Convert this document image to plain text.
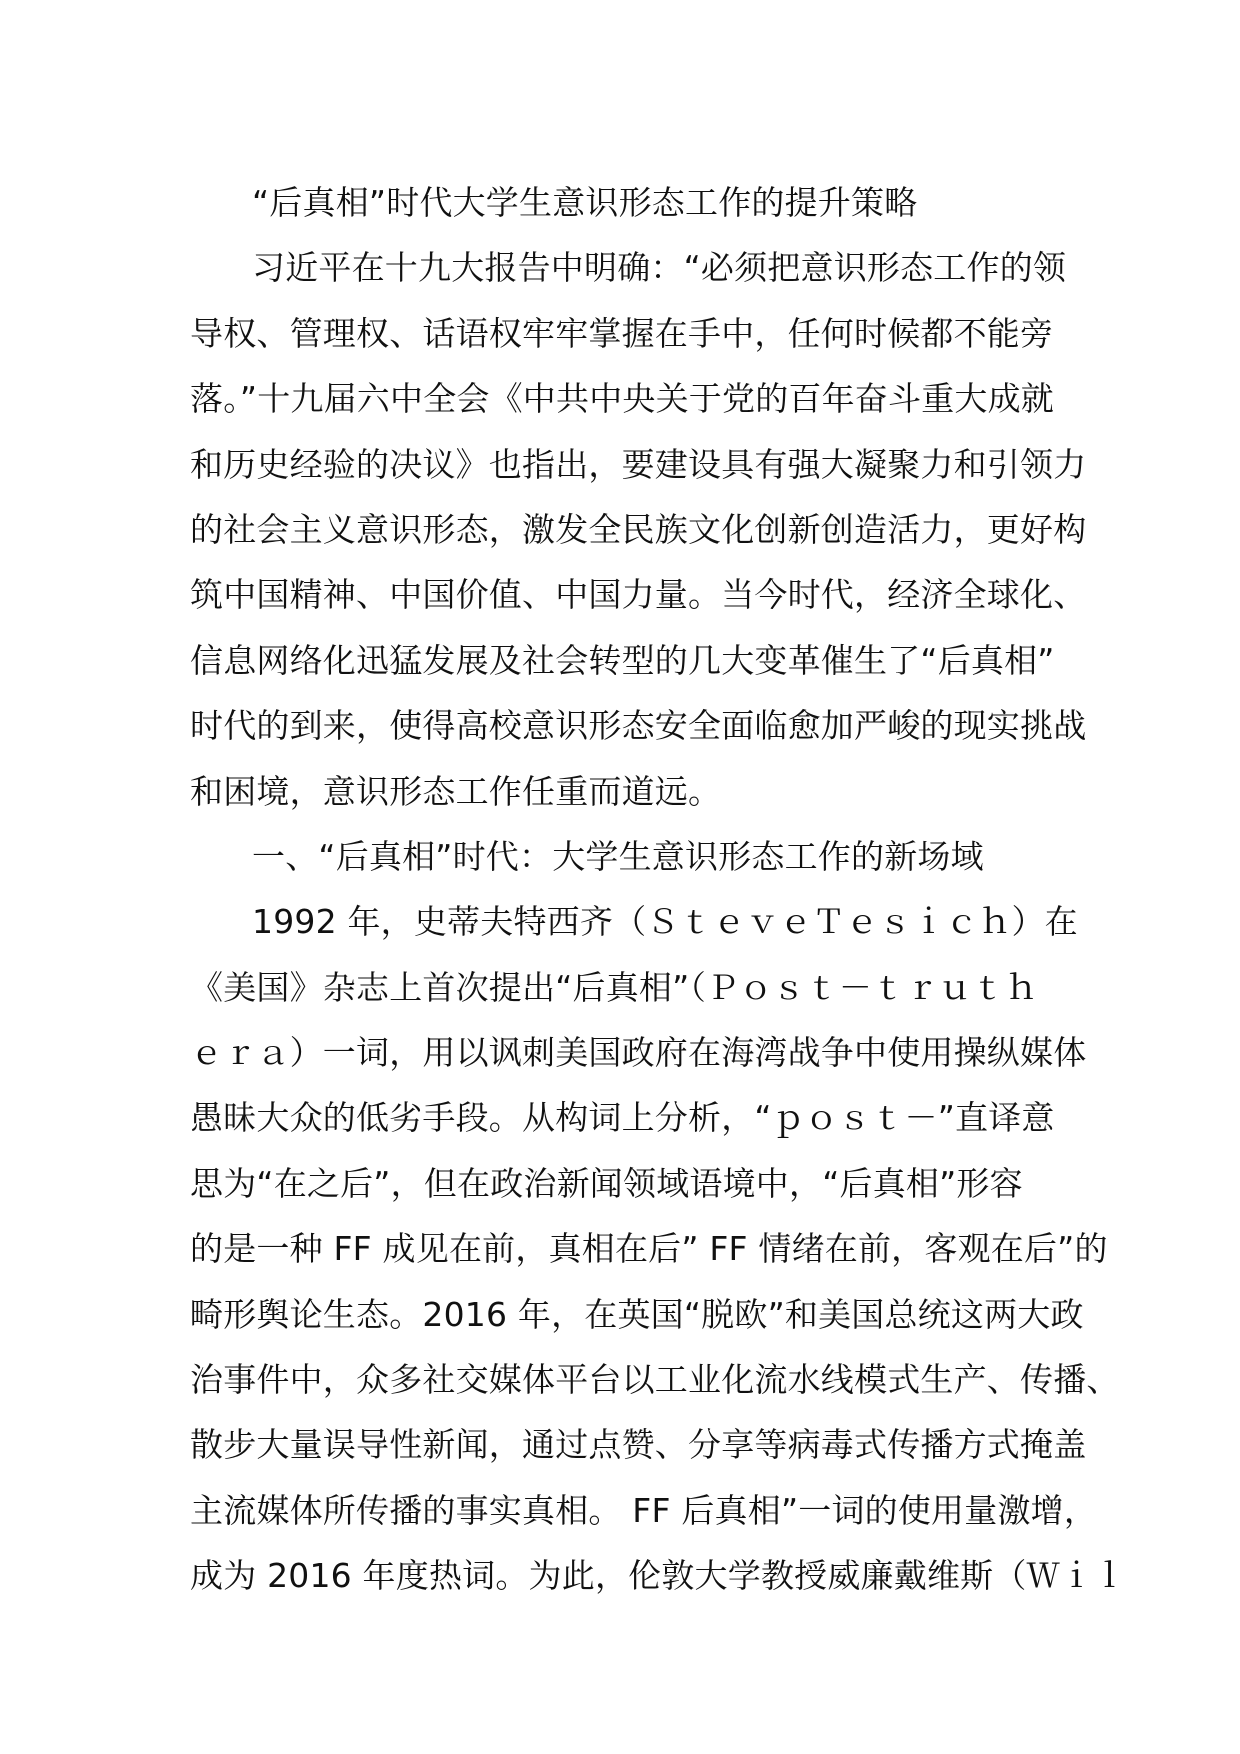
“后真相”时代大学生意识形态工作的提升策略
习近平在十九大报告中明确：“必须把意识形态工作的领
导权、管理权、话语权牢牢掌握在手中，任何时候都不能旁
落。”十九届六中全会《中共中央关于党的百年奋斗重大成就
和历史经验的决议》也指出，要建设具有强大凝聚力和引领力
的社会主义意识形态，激发全民族文化创新创造活力，更好构
筑中国精神、中国价值、中国力量。当今时代，经济全球化、
信息网络化迅猛发展及社会转型的几大变革催生了“后真相”
时代的到来，使得高校意识形态安全面临愈加严峻的现实挑战
和困境，意识形态工作任重而道远。
一、“后真相”时代：大学生意识形态工作的新场域
1992 年，史蒂夫特西齐（ＳｔｅｖｅＴｅｓｉｃｈ）在
《美国》杂志上首次提出“后真相”（Ｐｏｓｔ－ｔｒｕｔｈ
ｅｒａ）一词，用以讽刺美国政府在海湾战争中使用操纵媒体
愚昧大众的低劣手段。从构词上分析，“ｐｏｓｔ－”直译意
思为“在之后”，但在政治新闻领域语境中，“后真相”形容
的是一种 FF 成见在前，真相在后” FF 情绪在前，客观在后”的
畸形舆论生态。2016 年，在英国“脱欧”和美国总统这两大政
治事件中，众多社交媒体平台以工业化流水线模式生产、传播、
散步大量误导性新闻，通过点赞、分享等病毒式传播方式掩盖
主流媒体所传播的事实真相。 FF 后真相”一词的使用量激增，
成为 2016 年度热词。为此，伦敦大学教授威廉戴维斯（Ｗｉｌ
